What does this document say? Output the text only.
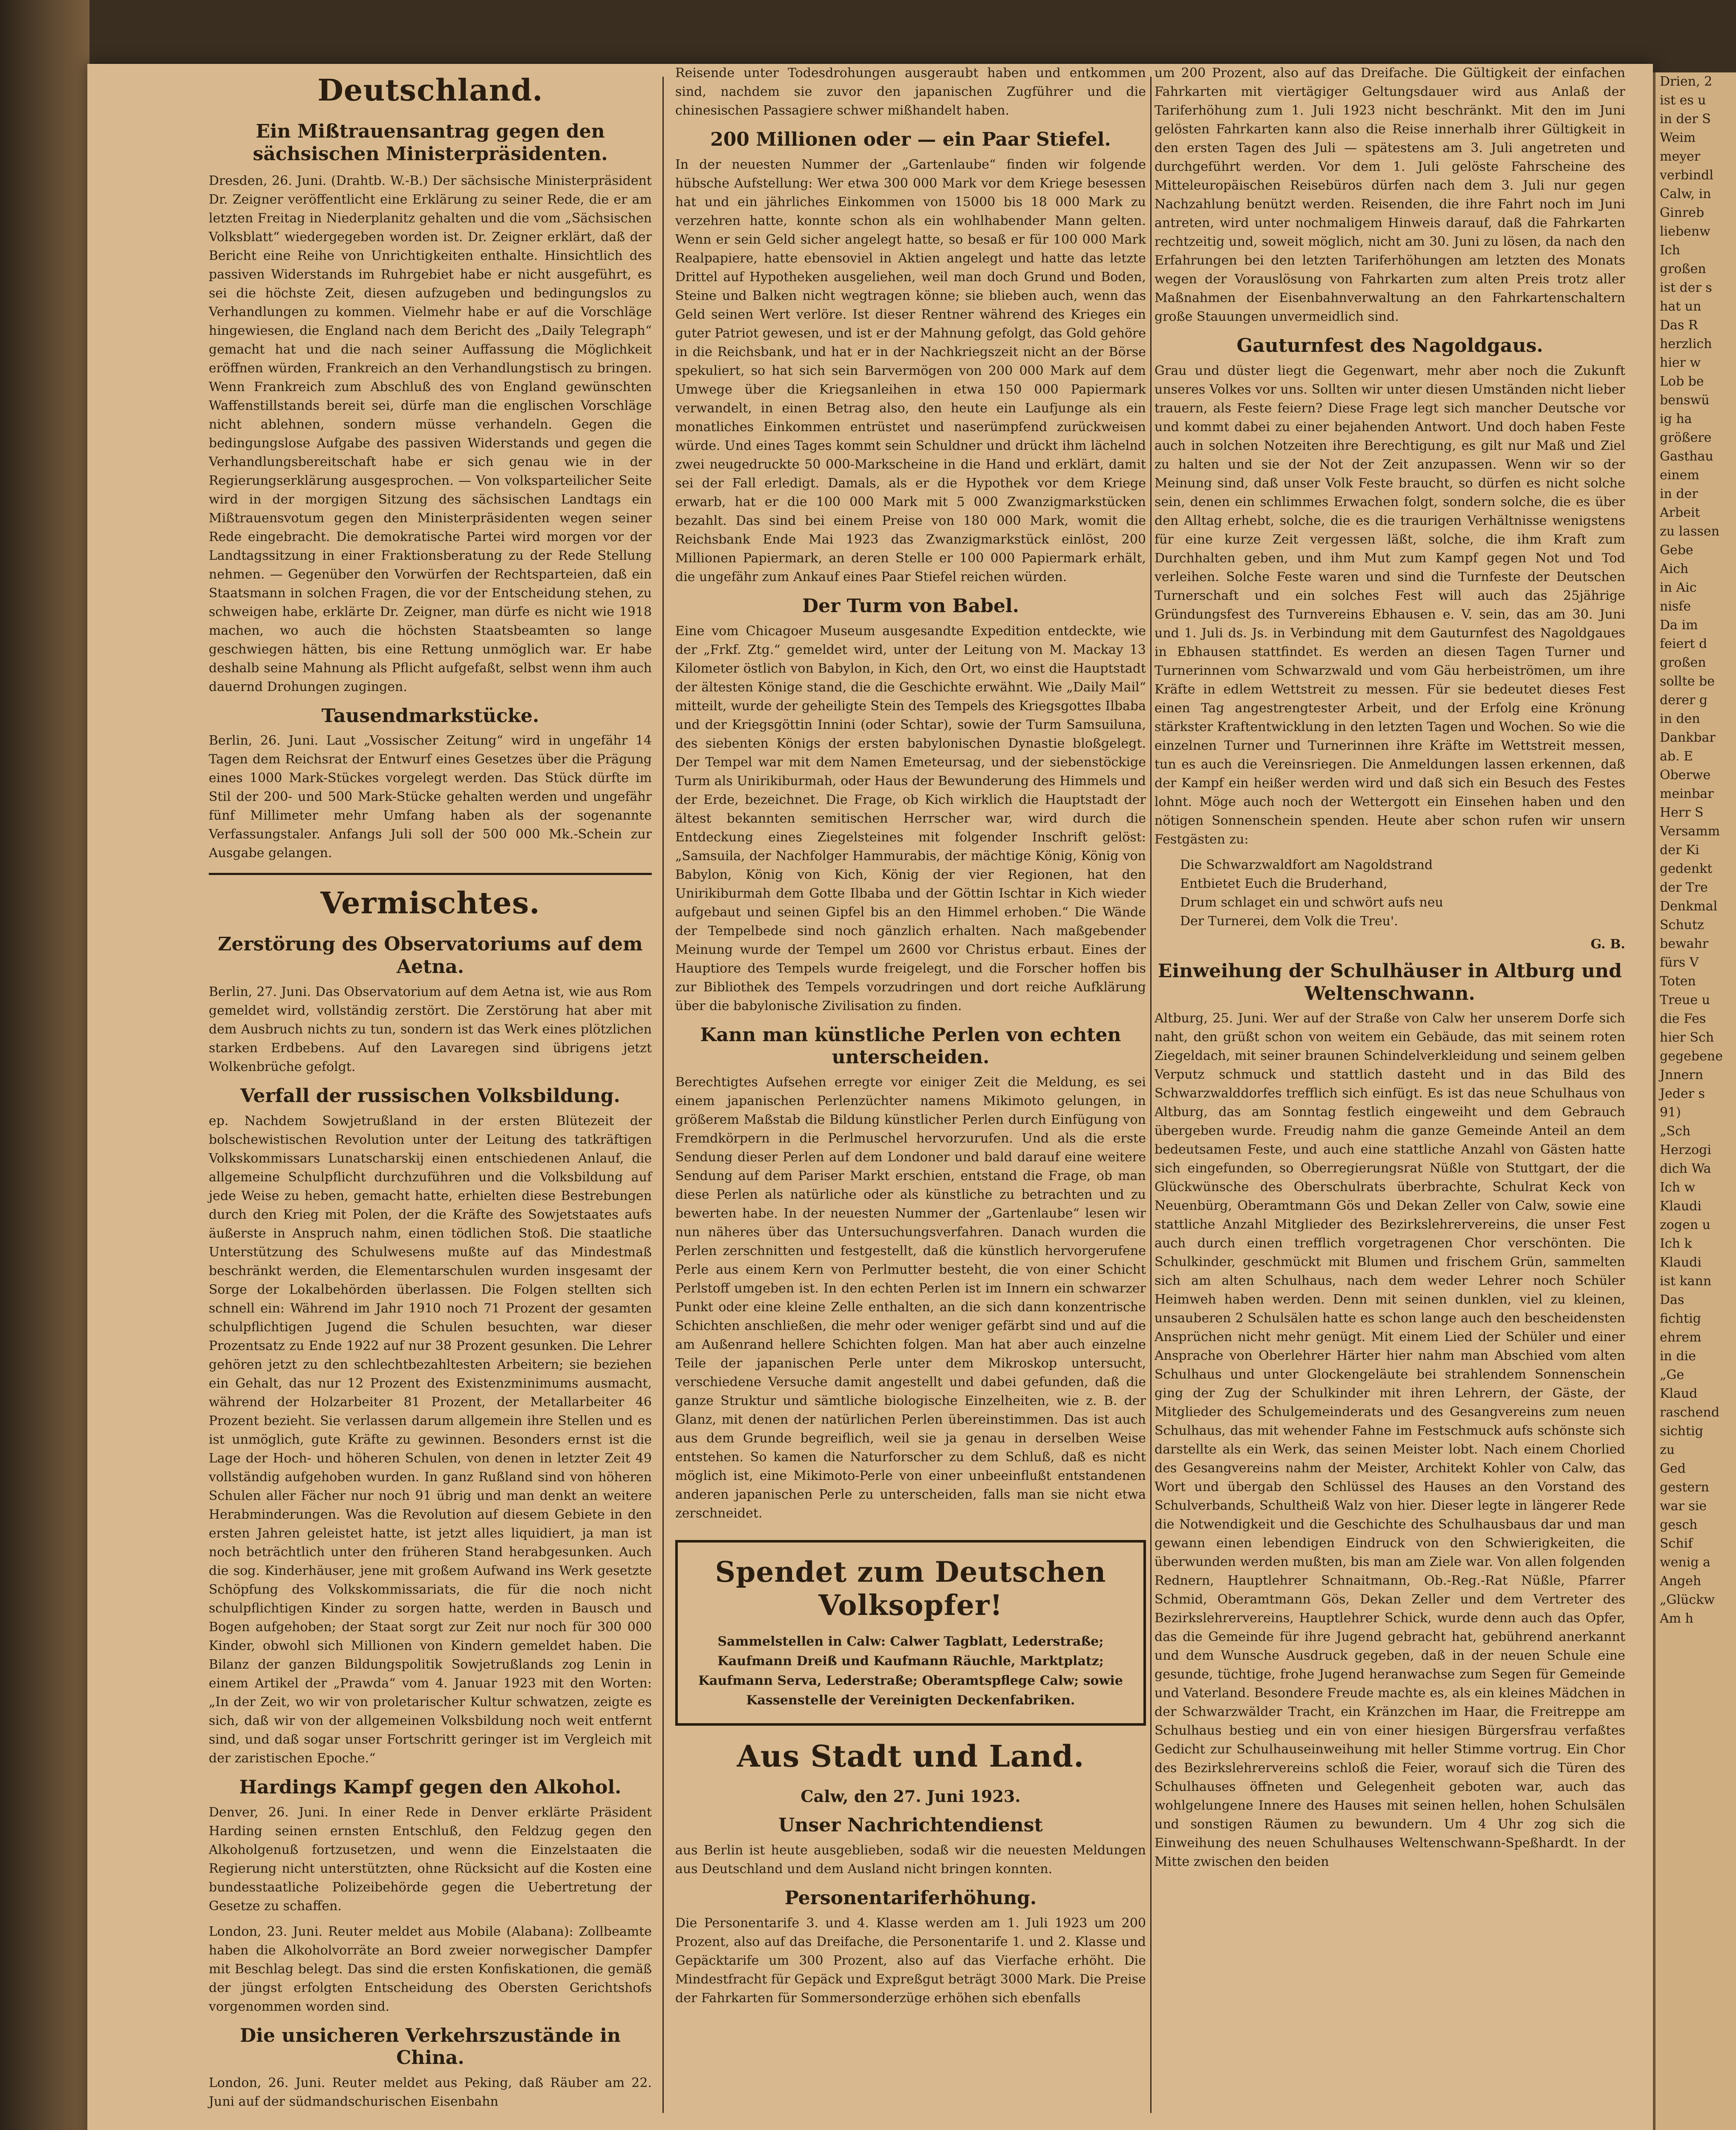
Deutschland.
Ein Mißtrauensantrag gegen den sächsischen Ministerpräsidenten.

Dresden, 26. Juni. (Drahtb. W.-B.) Der sächsische Ministerpräsident Dr. Zeigner veröffentlicht eine Erklärung zu seiner Rede, die er am letzten Freitag in Niederplanitz gehalten und die vom „Sächsischen Volksblatt“ wiedergegeben worden ist. Dr. Zeigner erklärt, daß der Bericht eine Reihe von Unrichtigkeiten enthalte. Hinsichtlich des passiven Widerstands im Ruhrgebiet habe er nicht ausgeführt, es sei die höchste Zeit, diesen aufzugeben und bedingungslos zu Verhandlungen zu kommen. Vielmehr habe er auf die Vorschläge hingewiesen, die England nach dem Bericht des „Daily Telegraph“ gemacht hat und die nach seiner Auffassung die Möglichkeit eröffnen würden, Frankreich an den Verhandlungstisch zu bringen. Wenn Frankreich zum Abschluß des von England gewünschten Waffenstillstands bereit sei, dürfe man die englischen Vorschläge nicht ablehnen, sondern müsse verhandeln. Gegen die bedingungslose Aufgabe des passiven Widerstands und gegen die Verhandlungsbereitschaft habe er sich genau wie in der Regierungserklärung ausgesprochen. — Von volksparteilicher Seite wird in der morgigen Sitzung des sächsischen Landtags ein Mißtrauensvotum gegen den Ministerpräsidenten wegen seiner Rede eingebracht. Die demokratische Partei wird morgen vor der Landtagssitzung in einer Fraktionsberatung zu der Rede Stellung nehmen. — Gegenüber den Vorwürfen der Rechtsparteien, daß ein Staatsmann in solchen Fragen, die vor der Entscheidung stehen, zu schweigen habe, erklärte Dr. Zeigner, man dürfe es nicht wie 1918 machen, wo auch die höchsten Staatsbeamten so lange geschwiegen hätten, bis eine Rettung unmöglich war. Er habe deshalb seine Mahnung als Pflicht aufgefaßt, selbst wenn ihm auch dauernd Drohungen zugingen.

Tausendmarkstücke.

Berlin, 26. Juni. Laut „Vossischer Zeitung“ wird in ungefähr 14 Tagen dem Reichsrat der Entwurf eines Gesetzes über die Prägung eines 1000 Mark-Stückes vorgelegt werden. Das Stück dürfte im Stil der 200- und 500 Mark-Stücke gehalten werden und ungefähr fünf Millimeter mehr Umfang haben als der sogenannte Verfassungstaler. Anfangs Juli soll der 500 000 Mk.-Schein zur Ausgabe gelangen.

Vermischtes.
Zerstörung des Observatoriums auf dem Aetna.

Berlin, 27. Juni. Das Observatorium auf dem Aetna ist, wie aus Rom gemeldet wird, vollständig zerstört. Die Zerstörung hat aber mit dem Ausbruch nichts zu tun, sondern ist das Werk eines plötzlichen starken Erdbebens. Auf den Lavaregen sind übrigens jetzt Wolkenbrüche gefolgt.

Verfall der russischen Volksbildung.

ep. Nachdem Sowjetrußland in der ersten Blütezeit der bolschewistischen Revolution unter der Leitung des tatkräftigen Volkskommissars Lunatscharskij einen entschiedenen Anlauf, die allgemeine Schulpflicht durchzuführen und die Volksbildung auf jede Weise zu heben, gemacht hatte, erhielten diese Bestrebungen durch den Krieg mit Polen, der die Kräfte des Sowjetstaates aufs äußerste in Anspruch nahm, einen tödlichen Stoß. Die staatliche Unterstützung des Schulwesens mußte auf das Mindestmaß beschränkt werden, die Elementarschulen wurden insgesamt der Sorge der Lokalbehörden überlassen. Die Folgen stellten sich schnell ein: Während im Jahr 1910 noch 71 Prozent der gesamten schulpflichtigen Jugend die Schulen besuchten, war dieser Prozentsatz zu Ende 1922 auf nur 38 Prozent gesunken. Die Lehrer gehören jetzt zu den schlechtbezahltesten Arbeitern; sie beziehen ein Gehalt, das nur 12 Prozent des Existenzminimums ausmacht, während der Holzarbeiter 81 Prozent, der Metallarbeiter 46 Prozent bezieht. Sie verlassen darum allgemein ihre Stellen und es ist unmöglich, gute Kräfte zu gewinnen. Besonders ernst ist die Lage der Hoch- und höheren Schulen, von denen in letzter Zeit 49 vollständig aufgehoben wurden. In ganz Rußland sind von höheren Schulen aller Fächer nur noch 91 übrig und man denkt an weitere Herabminderungen. Was die Revolution auf diesem Gebiete in den ersten Jahren geleistet hatte, ist jetzt alles liquidiert, ja man ist noch beträchtlich unter den früheren Stand herabgesunken. Auch die sog. Kinderhäuser, jene mit großem Aufwand ins Werk gesetzte Schöpfung des Volkskommissariats, die für die noch nicht schulpflichtigen Kinder zu sorgen hatte, werden in Bausch und Bogen aufgehoben; der Staat sorgt zur Zeit nur noch für 300 000 Kinder, obwohl sich Millionen von Kindern gemeldet haben. Die Bilanz der ganzen Bildungspolitik Sowjetrußlands zog Lenin in einem Artikel der „Prawda“ vom 4. Januar 1923 mit den Worten: „In der Zeit, wo wir von proletarischer Kultur schwatzen, zeigte es sich, daß wir von der allgemeinen Volksbildung noch weit entfernt sind, und daß sogar unser Fortschritt geringer ist im Vergleich mit der zaristischen Epoche.“

Hardings Kampf gegen den Alkohol.

Denver, 26. Juni. In einer Rede in Denver erklärte Präsident Harding seinen ernsten Entschluß, den Feldzug gegen den Alkoholgenuß fortzusetzen, und wenn die Einzelstaaten die Regierung nicht unterstützten, ohne Rücksicht auf die Kosten eine bundesstaatliche Polizeibehörde gegen die Uebertretung der Gesetze zu schaffen.

London, 23. Juni. Reuter meldet aus Mobile (Alabana): Zollbeamte haben die Alkoholvorräte an Bord zweier norwegischer Dampfer mit Beschlag belegt. Das sind die ersten Konfiskationen, die gemäß der jüngst erfolgten Entscheidung des Obersten Gerichtshofs vorgenommen worden sind.

Die unsicheren Verkehrszustände in China.

London, 26. Juni. Reuter meldet aus Peking, daß Räuber am 22. Juni auf der südmandschurischen Eisenbahn

Reisende unter Todesdrohungen ausgeraubt haben und entkommen sind, nachdem sie zuvor den japanischen Zugführer und die chinesischen Passagiere schwer mißhandelt haben.

200 Millionen oder — ein Paar Stiefel.

In der neuesten Nummer der „Gartenlaube“ finden wir folgende hübsche Aufstellung: Wer etwa 300 000 Mark vor dem Kriege besessen hat und ein jährliches Einkommen von 15000 bis 18 000 Mark zu verzehren hatte, konnte schon als ein wohlhabender Mann gelten. Wenn er sein Geld sicher angelegt hatte, so besaß er für 100 000 Mark Realpapiere, hatte ebensoviel in Aktien angelegt und hatte das letzte Drittel auf Hypotheken ausgeliehen, weil man doch Grund und Boden, Steine und Balken nicht wegtragen könne; sie blieben auch, wenn das Geld seinen Wert verlöre. Ist dieser Rentner während des Krieges ein guter Patriot gewesen, und ist er der Mahnung gefolgt, das Gold gehöre in die Reichsbank, und hat er in der Nachkriegszeit nicht an der Börse spekuliert, so hat sich sein Barvermögen von 200 000 Mark auf dem Umwege über die Kriegsanleihen in etwa 150 000 Papiermark verwandelt, in einen Betrag also, den heute ein Laufjunge als ein monatliches Einkommen entrüstet und naserümpfend zurückweisen würde. Und eines Tages kommt sein Schuldner und drückt ihm lächelnd zwei neugedruckte 50 000-Markscheine in die Hand und erklärt, damit sei der Fall erledigt. Damals, als er die Hypothek vor dem Kriege erwarb, hat er die 100 000 Mark mit 5 000 Zwanzigmarkstücken bezahlt. Das sind bei einem Preise von 180 000 Mark, womit die Reichsbank Ende Mai 1923 das Zwanzigmarkstück einlöst, 200 Millionen Papiermark, an deren Stelle er 100 000 Papiermark erhält, die ungefähr zum Ankauf eines Paar Stiefel reichen würden.

Der Turm von Babel.

Eine vom Chicagoer Museum ausgesandte Expedition entdeckte, wie der „Frkf. Ztg.“ gemeldet wird, unter der Leitung von M. Mackay 13 Kilometer östlich von Babylon, in Kich, den Ort, wo einst die Hauptstadt der ältesten Könige stand, die die Geschichte erwähnt. Wie „Daily Mail“ mitteilt, wurde der geheiligte Stein des Tempels des Kriegsgottes Ilbaba und der Kriegsgöttin Innini (oder Schtar), sowie der Turm Samsuiluna, des siebenten Königs der ersten babylonischen Dynastie bloßgelegt. Der Tempel war mit dem Namen Emeteursag, und der siebenstöckige Turm als Unirikiburmah, oder Haus der Bewunderung des Himmels und der Erde, bezeichnet. Die Frage, ob Kich wirklich die Hauptstadt der ältest bekannten semitischen Herrscher war, wird durch die Entdeckung eines Ziegelsteines mit folgender Inschrift gelöst: „Samsuila, der Nachfolger Hammurabis, der mächtige König, König von Babylon, König von Kich, König der vier Regionen, hat den Unirikiburmah dem Gotte Ilbaba und der Göttin Ischtar in Kich wieder aufgebaut und seinen Gipfel bis an den Himmel erhoben.“ Die Wände der Tempelbede sind noch gänzlich erhalten. Nach maßgebender Meinung wurde der Tempel um 2600 vor Christus erbaut. Eines der Hauptiore des Tempels wurde freigelegt, und die Forscher hoffen bis zur Bibliothek des Tempels vorzudringen und dort reiche Aufklärung über die babylonische Zivilisation zu finden.

Kann man künstliche Perlen von echten unterscheiden.

Berechtigtes Aufsehen erregte vor einiger Zeit die Meldung, es sei einem japanischen Perlenzüchter namens Mikimoto gelungen, in größerem Maßstab die Bildung künstlicher Perlen durch Einfügung von Fremdkörpern in die Perlmuschel hervorzurufen. Und als die erste Sendung dieser Perlen auf dem Londoner und bald darauf eine weitere Sendung auf dem Pariser Markt erschien, entstand die Frage, ob man diese Perlen als natürliche oder als künstliche zu betrachten und zu bewerten habe. In der neuesten Nummer der „Gartenlaube“ lesen wir nun näheres über das Untersuchungsverfahren. Danach wurden die Perlen zerschnitten und festgestellt, daß die künstlich hervorgerufene Perle aus einem Kern von Perlmutter besteht, die von einer Schicht Perlstoff umgeben ist. In den echten Perlen ist im Innern ein schwarzer Punkt oder eine kleine Zelle enthalten, an die sich dann konzentrische Schichten anschließen, die mehr oder weniger gefärbt sind und auf die am Außenrand hellere Schichten folgen. Man hat aber auch einzelne Teile der japanischen Perle unter dem Mikroskop untersucht, verschiedene Versuche damit angestellt und dabei gefunden, daß die ganze Struktur und sämtliche biologische Einzelheiten, wie z. B. der Glanz, mit denen der natürlichen Perlen übereinstimmen. Das ist auch aus dem Grunde begreiflich, weil sie ja genau in derselben Weise entstehen. So kamen die Naturforscher zu dem Schluß, daß es nicht möglich ist, eine Mikimoto-Perle von einer unbeeinflußt entstandenen anderen japanischen Perle zu unterscheiden, falls man sie nicht etwa zerschneidet.

Spendet zum Deutschen Volksopfer!
Sammelstellen in Calw: Calwer Tagblatt, Lederstraße; Kaufmann Dreiß und Kaufmann Räuchle, Marktplatz; Kaufmann Serva, Lederstraße; Oberamtspflege Calw; sowie Kassenstelle der Vereinigten Deckenfabriken.
Aus Stadt und Land.
Calw, den 27. Juni 1923.
Unser Nachrichtendienst

aus Berlin ist heute ausgeblieben, sodaß wir die neuesten Meldungen aus Deutschland und dem Ausland nicht bringen konnten.

Personentariferhöhung.

Die Personentarife 3. und 4. Klasse werden am 1. Juli 1923 um 200 Prozent, also auf das Dreifache, die Personentarife 1. und 2. Klasse und Gepäcktarife um 300 Prozent, also auf das Vierfache erhöht. Die Mindestfracht für Gepäck und Expreßgut beträgt 3000 Mark. Die Preise der Fahrkarten für Sommersonderzüge erhöhen sich ebenfalls

um 200 Prozent, also auf das Dreifache. Die Gültigkeit der einfachen Fahrkarten mit viertägiger Geltungsdauer wird aus Anlaß der Tariferhöhung zum 1. Juli 1923 nicht beschränkt. Mit den im Juni gelösten Fahrkarten kann also die Reise innerhalb ihrer Gültigkeit in den ersten Tagen des Juli — spätestens am 3. Juli angetreten und durchgeführt werden. Vor dem 1. Juli gelöste Fahrscheine des Mitteleuropäischen Reisebüros dürfen nach dem 3. Juli nur gegen Nachzahlung benützt werden. Reisenden, die ihre Fahrt noch im Juni antreten, wird unter nochmaligem Hinweis darauf, daß die Fahrkarten rechtzeitig und, soweit möglich, nicht am 30. Juni zu lösen, da nach den Erfahrungen bei den letzten Tariferhöhungen am letzten des Monats wegen der Vorauslösung von Fahrkarten zum alten Preis trotz aller Maßnahmen der Eisenbahnverwaltung an den Fahrkartenschaltern große Stauungen unvermeidlich sind.

Gauturnfest des Nagoldgaus.

Grau und düster liegt die Gegenwart, mehr aber noch die Zukunft unseres Volkes vor uns. Sollten wir unter diesen Umständen nicht lieber trauern, als Feste feiern? Diese Frage legt sich mancher Deutsche vor und kommt dabei zu einer bejahenden Antwort. Und doch haben Feste auch in solchen Notzeiten ihre Berechtigung, es gilt nur Maß und Ziel zu halten und sie der Not der Zeit anzupassen. Wenn wir so der Meinung sind, daß unser Volk Feste braucht, so dürfen es nicht solche sein, denen ein schlimmes Erwachen folgt, sondern solche, die es über den Alltag erhebt, solche, die es die traurigen Verhältnisse wenigstens für eine kurze Zeit vergessen läßt, solche, die ihm Kraft zum Durchhalten geben, und ihm Mut zum Kampf gegen Not und Tod verleihen. Solche Feste waren und sind die Turnfeste der Deutschen Turnerschaft und ein solches Fest will auch das 25jährige Gründungsfest des Turnvereins Ebhausen e. V. sein, das am 30. Juni und 1. Juli ds. Js. in Verbindung mit dem Gauturnfest des Nagoldgaues in Ebhausen stattfindet. Es werden an diesen Tagen Turner und Turnerinnen vom Schwarzwald und vom Gäu herbeiströmen, um ihre Kräfte in edlem Wettstreit zu messen. Für sie bedeutet dieses Fest einen Tag angestrengtester Arbeit, und der Erfolg eine Krönung stärkster Kraftentwicklung in den letzten Tagen und Wochen. So wie die einzelnen Turner und Turnerinnen ihre Kräfte im Wettstreit messen, tun es auch die Vereinsriegen. Die Anmeldungen lassen erkennen, daß der Kampf ein heißer werden wird und daß sich ein Besuch des Festes lohnt. Möge auch noch der Wettergott ein Einsehen haben und den nötigen Sonnenschein spenden. Heute aber schon rufen wir unsern Festgästen zu:

Die Schwarzwaldfort am Nagoldstrand
Entbietet Euch die Bruderhand,
Drum schlaget ein und schwört aufs neu
Der Turnerei, dem Volk die Treu'.
G. B.
Einweihung der Schulhäuser in Altburg und Weltenschwann.

Altburg, 25. Juni. Wer auf der Straße von Calw her unserem Dorfe sich naht, den grüßt schon von weitem ein Gebäude, das mit seinem roten Ziegeldach, mit seiner braunen Schindelverkleidung und seinem gelben Verputz schmuck und stattlich dasteht und in das Bild des Schwarzwalddorfes trefflich sich einfügt. Es ist das neue Schulhaus von Altburg, das am Sonntag festlich eingeweiht und dem Gebrauch übergeben wurde. Freudig nahm die ganze Gemeinde Anteil an dem bedeutsamen Feste, und auch eine stattliche Anzahl von Gästen hatte sich eingefunden, so Oberregierungsrat Nüßle von Stuttgart, der die Glückwünsche des Oberschulrats überbrachte, Schulrat Keck von Neuenbürg, Oberamtmann Gös und Dekan Zeller von Calw, sowie eine stattliche Anzahl Mitglieder des Bezirkslehrervereins, die unser Fest auch durch einen trefflich vorgetragenen Chor verschönten. Die Schulkinder, geschmückt mit Blumen und frischem Grün, sammelten sich am alten Schulhaus, nach dem weder Lehrer noch Schüler Heimweh haben werden. Denn mit seinen dunklen, viel zu kleinen, unsauberen 2 Schulsälen hatte es schon lange auch den bescheidensten Ansprüchen nicht mehr genügt. Mit einem Lied der Schüler und einer Ansprache von Oberlehrer Härter hier nahm man Abschied vom alten Schulhaus und unter Glockengeläute bei strahlendem Sonnenschein ging der Zug der Schulkinder mit ihren Lehrern, der Gäste, der Mitglieder des Schulgemeinderats und des Gesangvereins zum neuen Schulhaus, das mit wehender Fahne im Festschmuck aufs schönste sich darstellte als ein Werk, das seinen Meister lobt. Nach einem Chorlied des Gesangvereins nahm der Meister, Architekt Kohler von Calw, das Wort und übergab den Schlüssel des Hauses an den Vorstand des Schulverbands, Schultheiß Walz von hier. Dieser legte in längerer Rede die Notwendigkeit und die Geschichte des Schulhausbaus dar und man gewann einen lebendigen Eindruck von den Schwierigkeiten, die überwunden werden mußten, bis man am Ziele war. Von allen folgenden Rednern, Hauptlehrer Schnaitmann, Ob.-Reg.-Rat Nüßle, Pfarrer Schmid, Oberamtmann Gös, Dekan Zeller und dem Vertreter des Bezirkslehrervereins, Hauptlehrer Schick, wurde denn auch das Opfer, das die Gemeinde für ihre Jugend gebracht hat, gebührend anerkannt und dem Wunsche Ausdruck gegeben, daß in der neuen Schule eine gesunde, tüchtige, frohe Jugend heranwachse zum Segen für Gemeinde und Vaterland. Besondere Freude machte es, als ein kleines Mädchen in der Schwarzwälder Tracht, ein Kränzchen im Haar, die Freitreppe am Schulhaus bestieg und ein von einer hiesigen Bürgersfrau verfaßtes Gedicht zur Schulhauseinweihung mit heller Stimme vortrug. Ein Chor des Bezirkslehrervereins schloß die Feier, worauf sich die Türen des Schulhauses öffneten und Gelegenheit geboten war, auch das wohlgelungene Innere des Hauses mit seinen hellen, hohen Schulsälen und sonstigen Räumen zu bewundern. Um 4 Uhr zog sich die Einweihung des neuen Schulhauses Weltenschwann-Speßhardt. In der Mitte zwischen den beiden

Drien, 2
ist es u
in der S
Weim
meyer
verbindl
Calw, in
Ginreb
liebenw
Ich
großen
ist der s
hat un
Das R
herzlich
hier w
Lob be
benswü
ig ha
größere
Gasthau
einem
in der
Arbeit
zu lassen
Gebe
Aich
in Aic
nisfe
Da im
feiert d
großen
sollte be
derer g
in den
Dankbar
ab. E
Oberwe
meinbar
Herr S
Versamm
der Ki
gedenkt
der Tre
Denkmal
Schutz
bewahr
fürs V
Toten
Treue u
die Fes
hier Sch
gegebene
Jnnern
Jeder s
91)
„Sch
Herzogi
dich Wa
Ich w
Klaudi
zogen u
Ich k
Klaudi
ist kann
Das
fichtig
ehrem
in die
„Ge
Klaud
raschend
sichtig
zu
Ged
gestern
war sie
gesch
Schif
wenig a
Angeh
„Glückw
Am h
